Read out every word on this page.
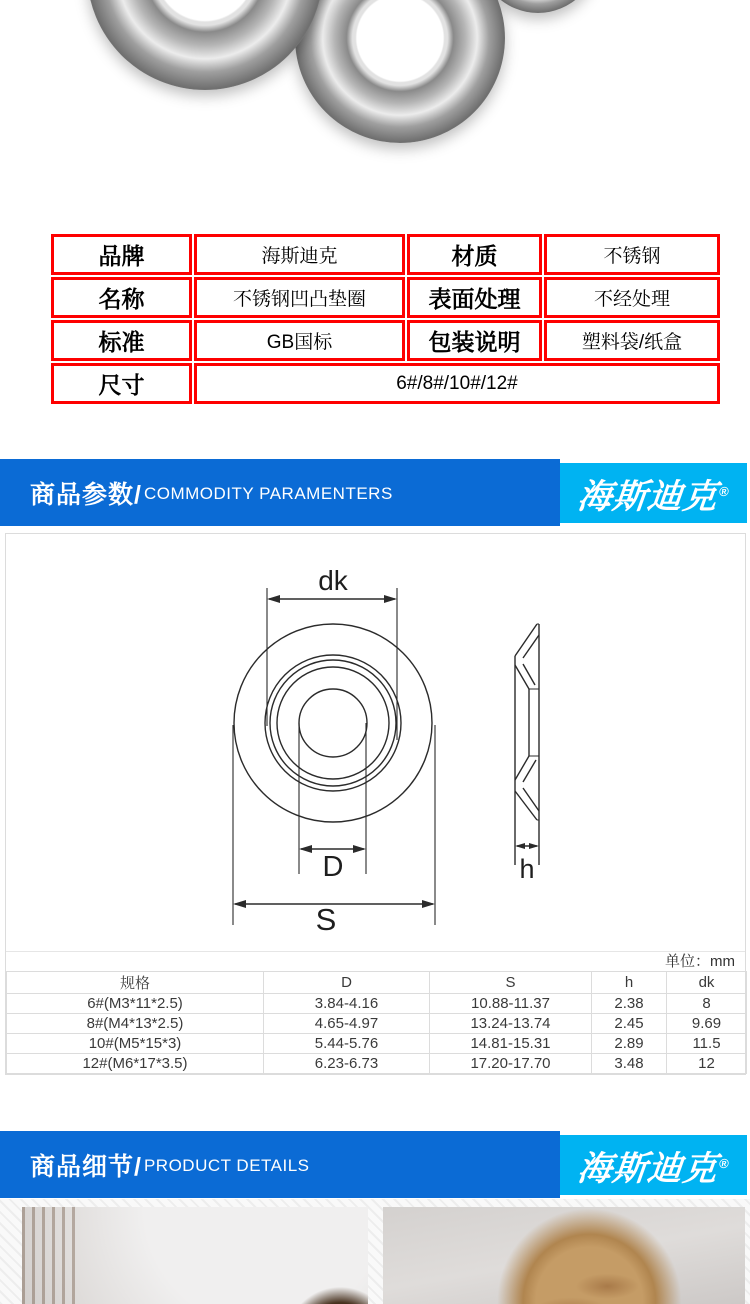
品牌	海斯迪克	材质	不锈钢
名称	不锈钢凹凸垫圈	表面处理	不经处理
标准	GB国标	包装说明	塑料袋/纸盒
尺寸	6#/8#/10#/12#		
商品参数/ COMMODITY PARAMENTERS	海斯迪克®
dk
D
S
h
单位：mm
规格	D	S	h	dk
6#(M3*11*2.5)	3.84-4.16	10.88-11.37	2.38	8
8#(M4*13*2.5)	4.65-4.97	13.24-13.74	2.45	9.69
10#(M5*15*3)	5.44-5.76	14.81-15.31	2.89	11.5
12#(M6*17*3.5)	6.23-6.73	17.20-17.70	3.48	12
商品细节/ PRODUCT DETAILS	海斯迪克®
